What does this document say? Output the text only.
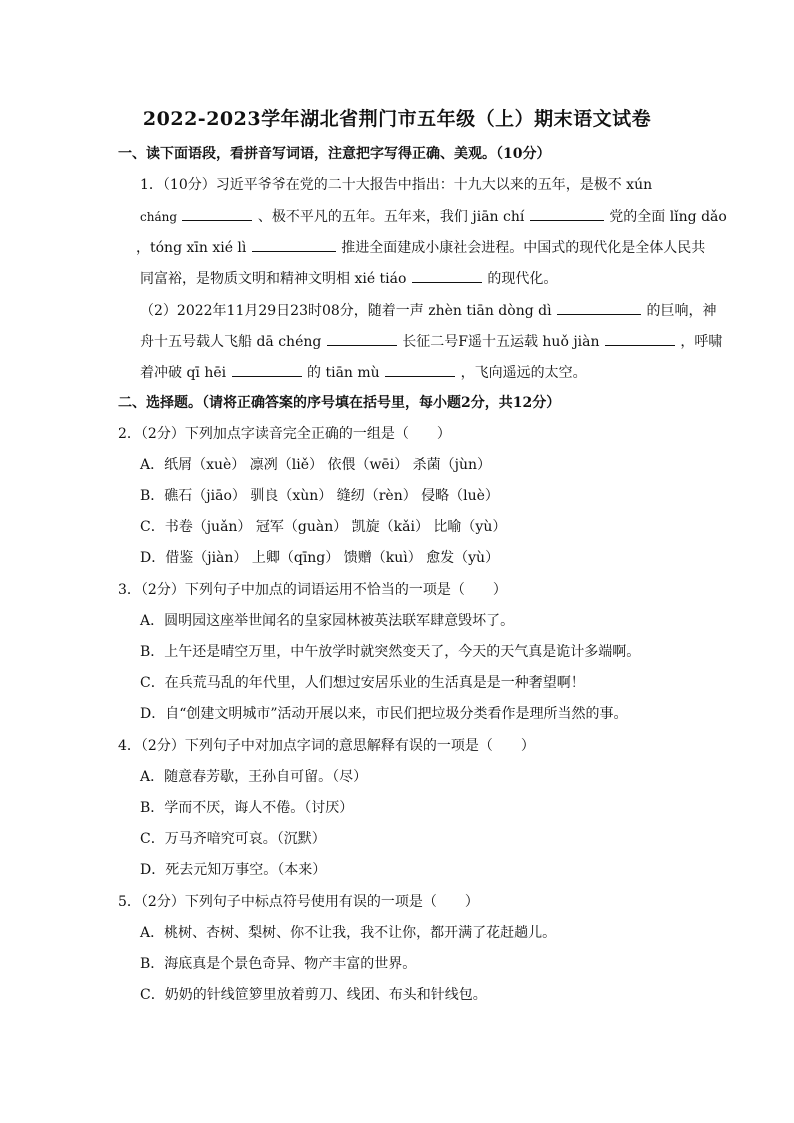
2022-2023学年湖北省荆门市五年级（上）期末语文试卷
一、读下面语段，看拼音写词语，注意把字写得正确、美观。（10分）
1．（10分）习近平爷爷在党的二十大报告中指出：十九大以来的五年，是极不 xún
cháng	、极不平凡的五年。五年来，我们 jiān chí	党的全面 lǐng dǎo
，tóng xīn xié lì	推进全面建成小康社会进程。中国式的现代化是全体人民共
同富裕，是物质文明和精神文明相 xié tiáo	的现代化。
（2）2022年11月29日23时08分，随着一声 zhèn tiān dòng dì	的巨响，神
舟十五号载人飞船 dā chéng	长征二号F遥十五运载 huǒ jiàn	，呼啸
着冲破 qī hēi	的 tiān mù	，飞向遥远的太空。
二、选择题。（请将正确答案的序号填在括号里，每小题2分，共12分）
2．（2分）下列加点字读音完全正确的一组是（　　）
A．纸屑（xuè） 凛冽（liě） 依偎（wēi） 杀菌（jùn）
B．礁石（jiāo） 驯良（xùn） 缝纫（rèn） 侵略（luè）
C．书卷（juǎn） 冠军（guàn） 凯旋（kǎi） 比喻（yù）
D．借鉴（jiàn） 上卿（qīng） 馈赠（kuì） 愈发（yù）
3．（2分）下列句子中加点的词语运用不恰当的一项是（　　）
A．圆明园这座举世闻名的皇家园林被英法联军肆意毁坏了。
B．上午还是晴空万里，中午放学时就突然变天了，今天的天气真是诡计多端啊。
C．在兵荒马乱的年代里，人们想过安居乐业的生活真是是一种奢望啊！
D．自“创建文明城市”活动开展以来，市民们把垃圾分类看作是理所当然的事。
4．（2分）下列句子中对加点字词的意思解释有误的一项是（　　）
A．随意春芳歇，王孙自可留。（尽）
B．学而不厌，诲人不倦。（讨厌）
C．万马齐喑究可哀。（沉默）
D．死去元知万事空。（本来）
5．（2分）下列句子中标点符号使用有误的一项是（　　）
A．桃树、杏树、梨树、你不让我，我不让你，都开满了花赶趟儿。
B．海底真是个景色奇异、物产丰富的世界。
C．奶奶的针线笸箩里放着剪刀、线团、布头和针线包。
